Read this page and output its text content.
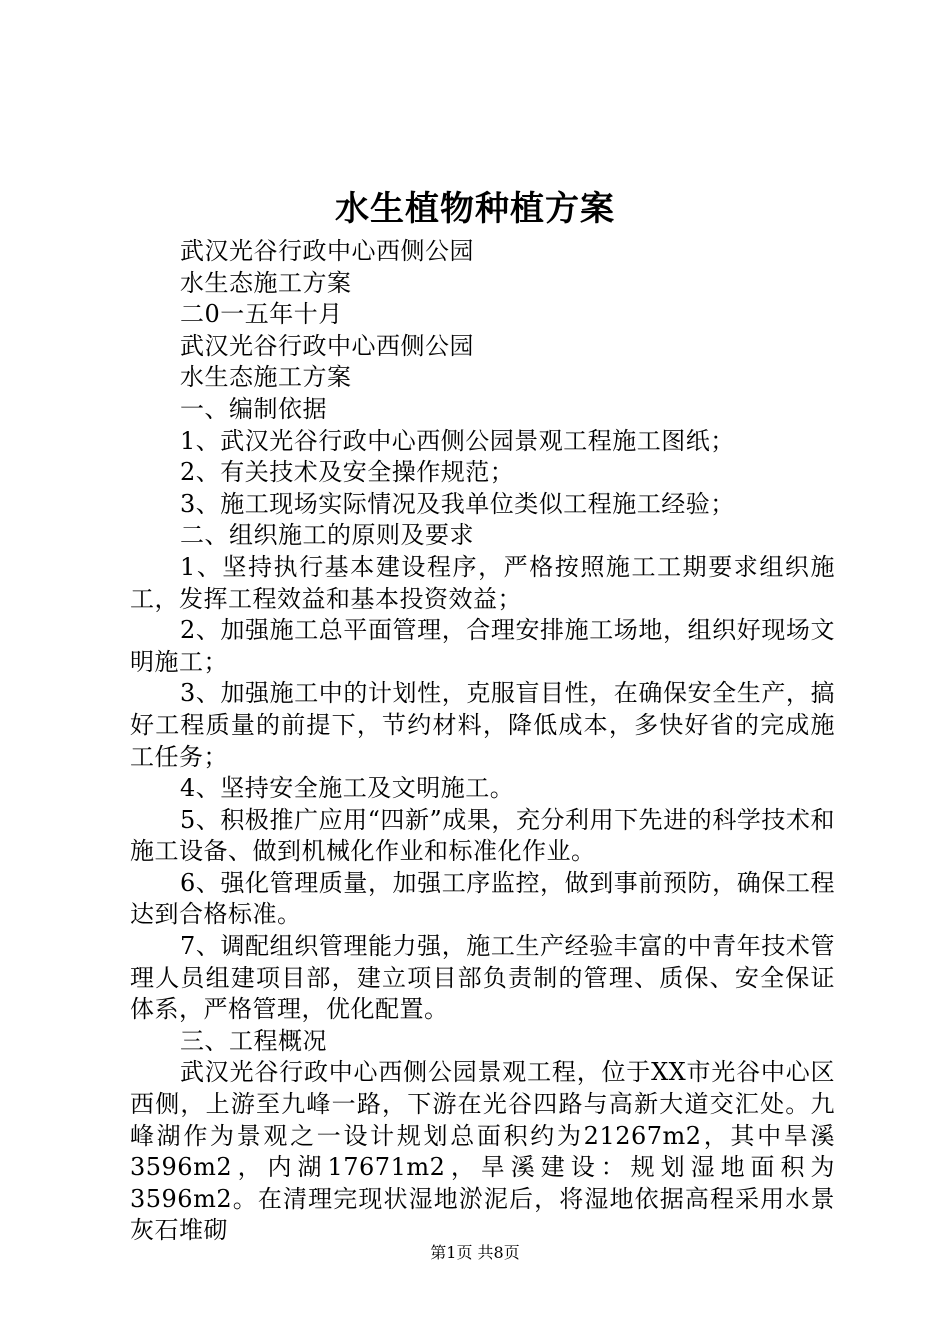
水生植物种植方案
武汉光谷行政中心西侧公园
水生态施工方案
二0一五年十月
武汉光谷行政中心西侧公园
水生态施工方案
一、编制依据
1、武汉光谷行政中心西侧公园景观工程施工图纸；
2、有关技术及安全操作规范；
3、施工现场实际情况及我单位类似工程施工经验；
二、组织施工的原则及要求

1、坚持执行基本建设程序，严格按照施工工期要求组织施工，发挥工程效益和基本投资效益；

2、加强施工总平面管理，合理安排施工场地，组织好现场文明施工；

3、加强施工中的计划性，克服盲目性，在确保安全生产，搞好工程质量的前提下，节约材料，降低成本，多快好省的完成施工任务；

4、坚持安全施工及文明施工。

5、积极推广应用“四新”成果，充分利用下先进的科学技术和施工设备、做到机械化作业和标准化作业。

6、强化管理质量，加强工序监控，做到事前预防，确保工程达到合格标准。

7、调配组织管理能力强，施工生产经验丰富的中青年技术管理人员组建项目部，建立项目部负责制的管理、质保、安全保证体系，严格管理，优化配置。

三、工程概况

武汉光谷行政中心西侧公园景观工程，位于XX市光谷中心区西侧，上游至九峰一路，下游在光谷四路与高新大道交汇处。九峰湖作为景观之一设计规划总面积约为21267m2，其中旱溪3596m2，内湖17671m2，旱溪建设：规划湿地面积为3596m2。在清理完现状湿地淤泥后，将湿地依据高程采用水景灰石堆砌

第1页 共8页
